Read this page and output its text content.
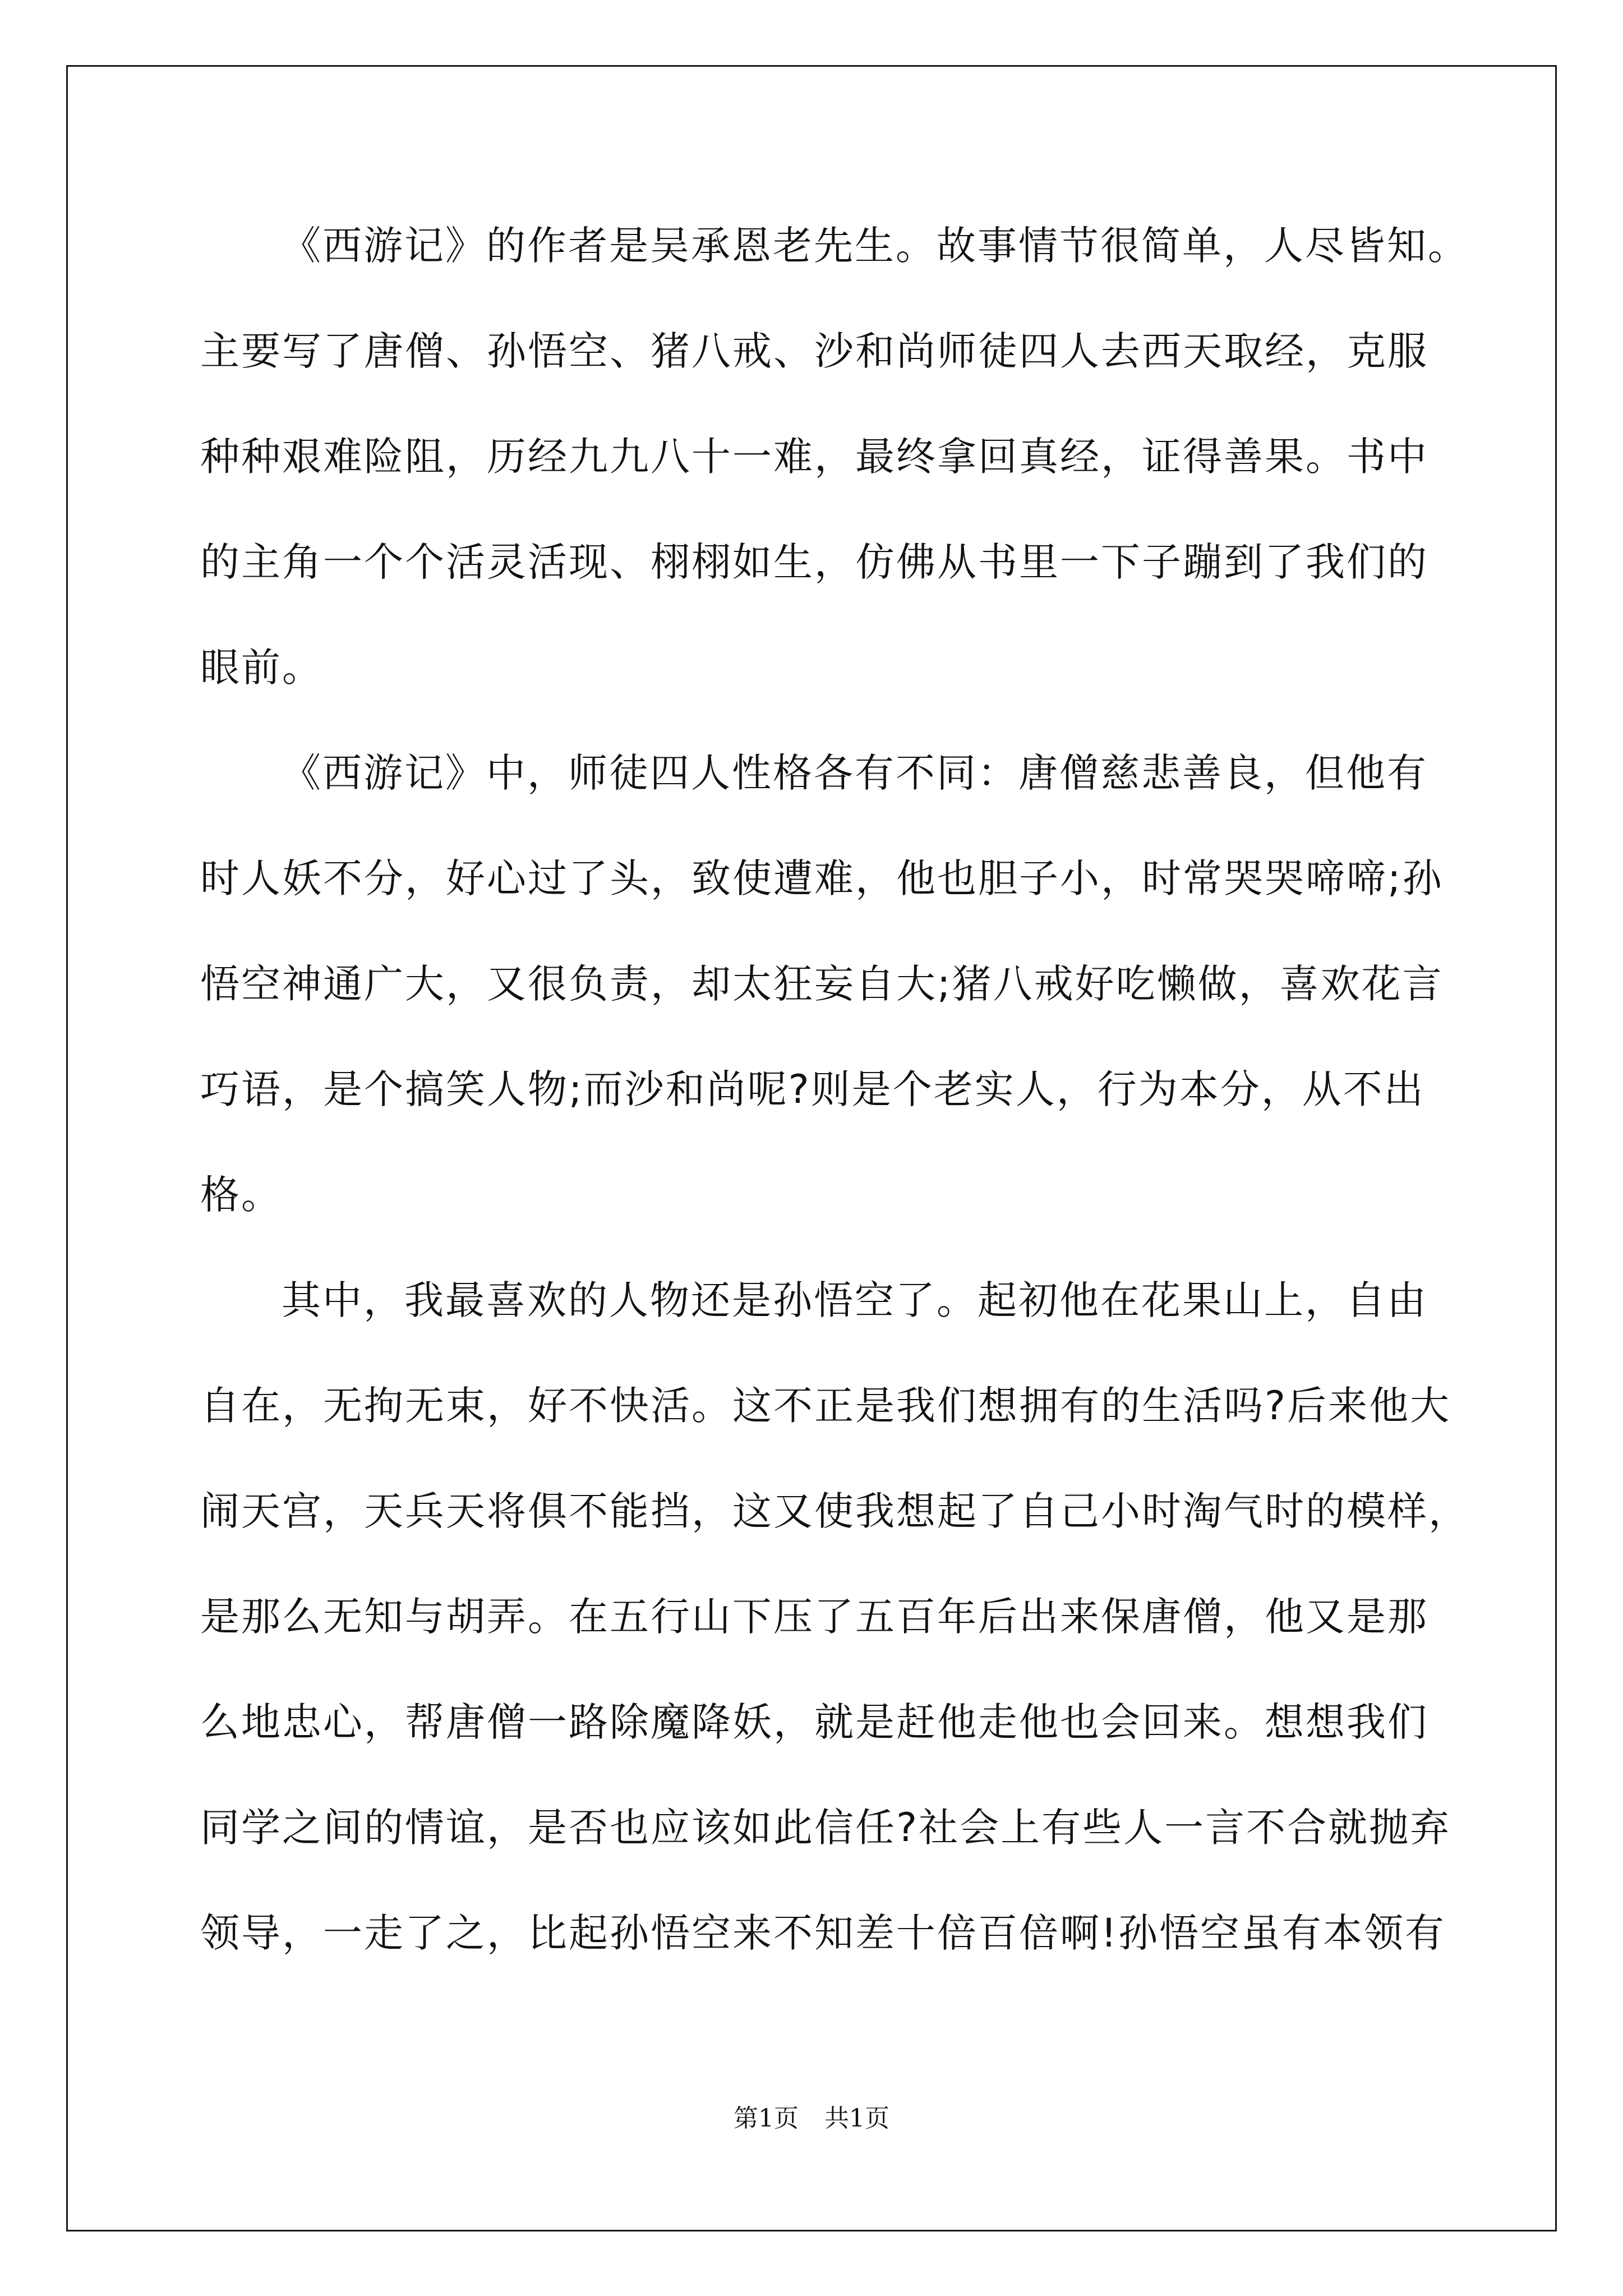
《西游记》的作者是吴承恩老先生。故事情节很简单，人尽皆知。
主要写了唐僧、孙悟空、猪八戒、沙和尚师徒四人去西天取经，克服
种种艰难险阻，历经九九八十一难，最终拿回真经，证得善果。书中
的主角一个个活灵活现、栩栩如生，仿佛从书里一下子蹦到了我们的
眼前。
《西游记》中，师徒四人性格各有不同：唐僧慈悲善良，但他有
时人妖不分，好心过了头，致使遭难，他也胆子小，时常哭哭啼啼;孙
悟空神通广大，又很负责，却太狂妄自大;猪八戒好吃懒做，喜欢花言
巧语，是个搞笑人物;而沙和尚呢?则是个老实人，行为本分，从不出
格。
其中，我最喜欢的人物还是孙悟空了。起初他在花果山上，自由
自在，无拘无束，好不快活。这不正是我们想拥有的生活吗?后来他大
闹天宫，天兵天将俱不能挡，这又使我想起了自己小时淘气时的模样，
是那么无知与胡弄。在五行山下压了五百年后出来保唐僧，他又是那
么地忠心，帮唐僧一路除魔降妖，就是赶他走他也会回来。想想我们
同学之间的情谊，是否也应该如此信任?社会上有些人一言不合就抛弃
领导，一走了之，比起孙悟空来不知差十倍百倍啊!孙悟空虽有本领有
第1页 共1页
